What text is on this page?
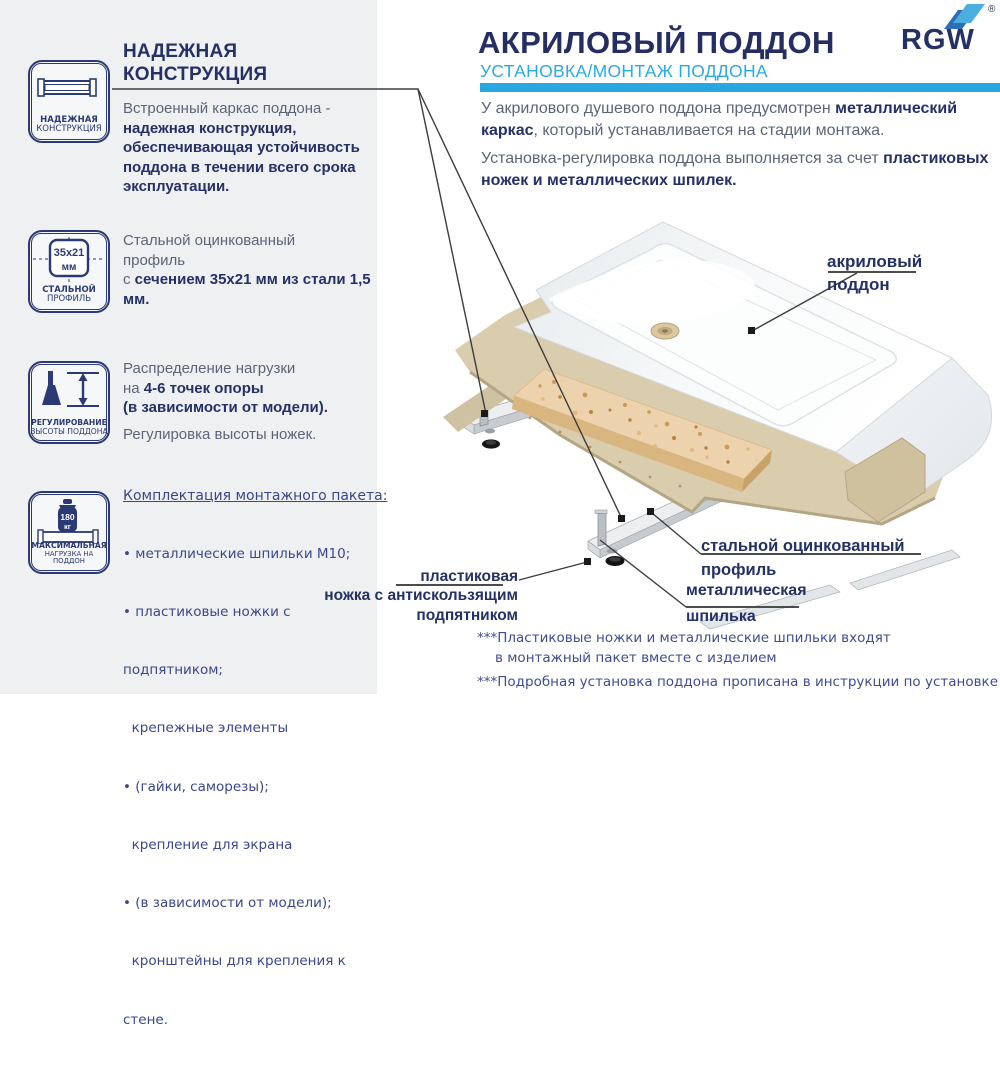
АКРИЛОВЫЙ ПОДДОН
УСТАНОВКА/МОНТАЖ ПОДДОНА
RGW
®
У акрилового душевого поддона предусмотрен металлический каркас, который устанавливается на стадии монтажа.
Установка-регулировка поддона выполняется за счет пластиковых ножек и металлических шпилек.
НАДЕЖНАЯ
КОНСТРУКЦИЯ
НАДЕЖНАЯ
КОНСТРУКЦИЯ
Встроенный каркас поддона -
надежная конструкция, обеспечивающая устойчивость поддона в течении всего срока эксплуатации.
35х21
мм
СТАЛЬНОЙ
ПРОФИЛЬ
Стальной оцинкованный профиль
с сечением 35х21 мм из стали 1,5 мм.
РЕГУЛИРОВАНИЕ
ВЫСОТЫ ПОДДОНА
Распределение нагрузки
на 4-6 точек опоры
(в зависимости от модели).
Регулировка высоты ножек.
180
кг
МАКСИМАЛЬНАЯ
НАГРУЗКА НА ПОДДОН
Комплектация монтажного пакета:

• металлические шпильки М10;

• пластиковые ножки с

подпятником;

крепежные элементы

• (гайки, саморезы);

крепление для экрана

• (в зависимости от модели);

кронштейны для крепления к

стене.

акриловый
поддон
стальной оцинкованный
профиль
металлическая
шпилька
пластиковая
ножка с антискользящим
подпятником
***Пластиковые ножки и металлические шпильки входят
в монтажный пакет вместе с изделием
***Подробная установка поддона прописана в инструкции по установке
